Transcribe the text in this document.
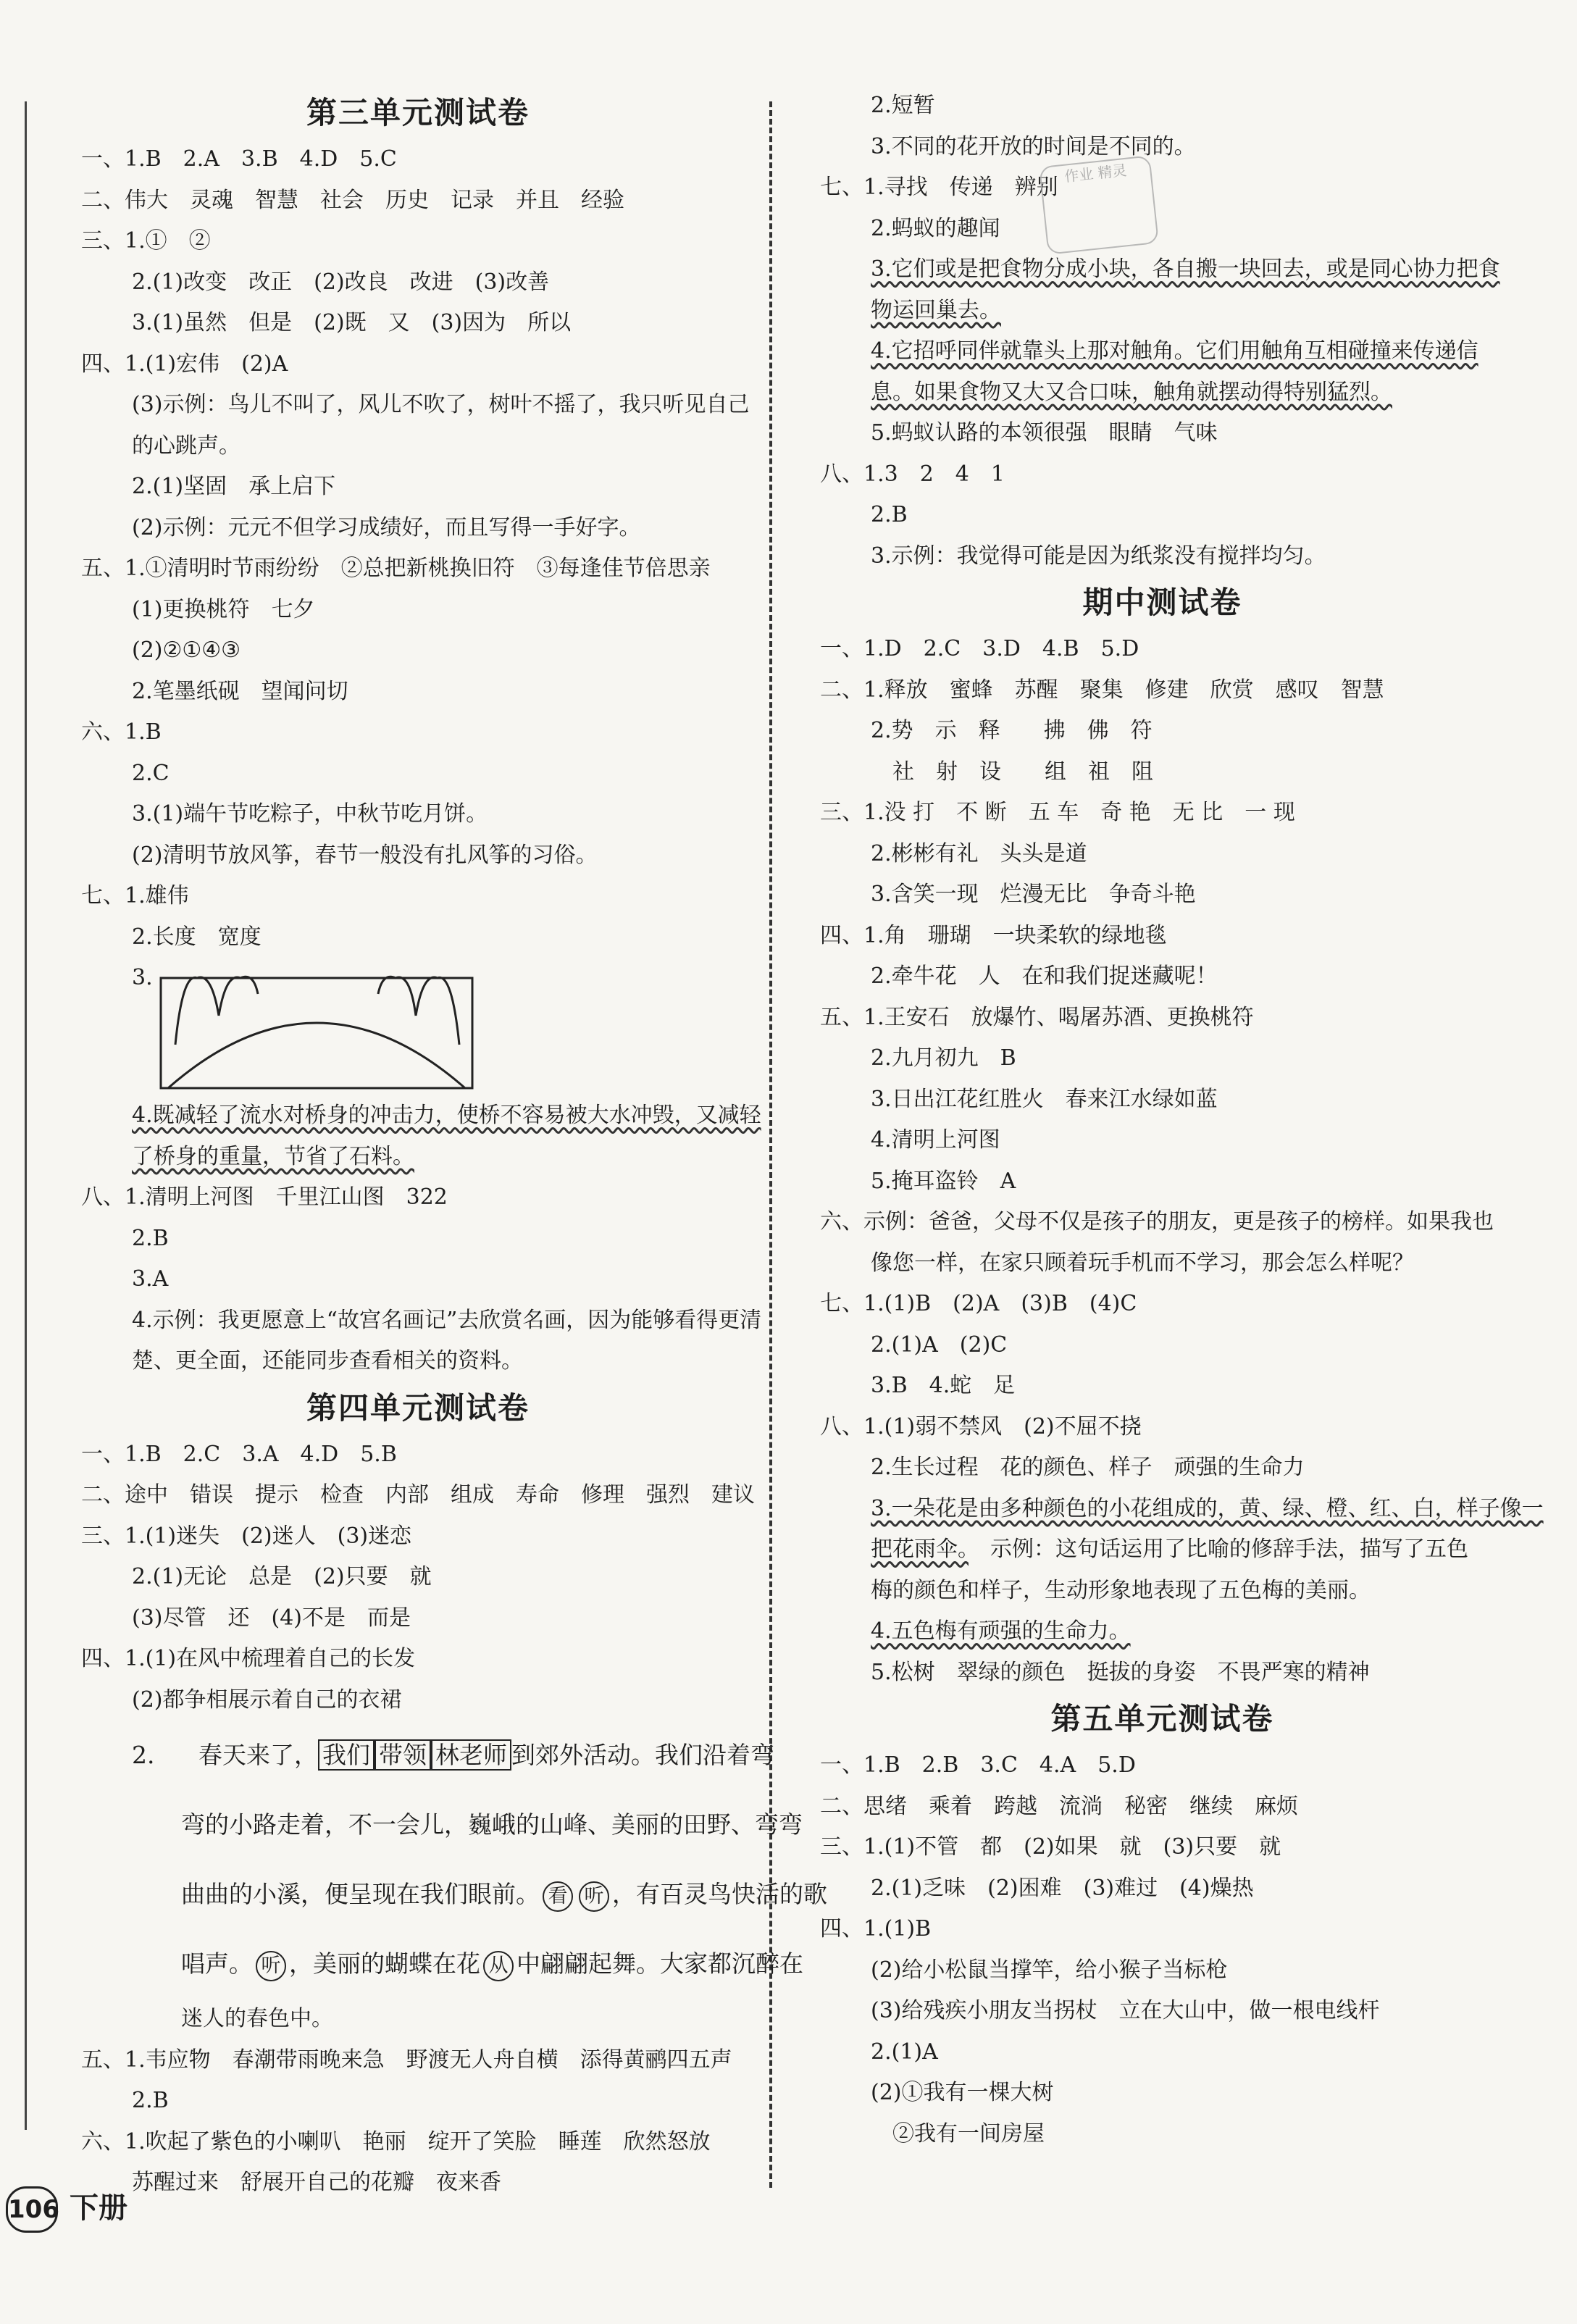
第三单元测试卷
一、1.B　2.A　3.B　4.D　5.C
二、伟大　灵魂　智慧　社会　历史　记录　并且　经验
三、1.①　②
2.(1)改变　改正　(2)改良　改进　(3)改善
3.(1)虽然　但是　(2)既　又　(3)因为　所以
四、1.(1)宏伟　(2)A
(3)示例：鸟儿不叫了，风儿不吹了，树叶不摇了，我只听见自己
的心跳声。
2.(1)坚固　承上启下
(2)示例：元元不但学习成绩好，而且写得一手好字。
五、1.①清明时节雨纷纷　②总把新桃换旧符　③每逢佳节倍思亲
(1)更换桃符　七夕
(2)②①④③
2.笔墨纸砚　望闻问切
六、1.B
2.C
3.(1)端午节吃粽子，中秋节吃月饼。
(2)清明节放风筝，春节一般没有扎风筝的习俗。
七、1.雄伟
2.长度　宽度
3.
4.既减轻了流水对桥身的冲击力，使桥不容易被大水冲毁，又减轻
了桥身的重量，节省了石料。
八、1.清明上河图　千里江山图　322
2.B
3.A
4.示例：我更愿意上“故宫名画记”去欣赏名画，因为能够看得更清
楚、更全面，还能同步查看相关的资料。
第四单元测试卷
一、1.B　2.C　3.A　4.D　5.B
二、途中　错误　提示　检查　内部　组成　寿命　修理　强烈　建议
三、1.(1)迷失　(2)迷人　(3)迷恋
2.(1)无论　总是　(2)只要　就
(3)尽管　还　(4)不是　而是
四、1.(1)在风中梳理着自己的长发
(2)都争相展示着自己的衣裙
2. 春天来了， 我们 带领 林老师 到郊外活动。我们沿着弯
弯的小路走着，不一会儿，巍峨的山峰、美丽的田野、弯弯
曲曲的小溪，便呈现在我们眼前。 看 听 ，有百灵鸟快活的歌
唱声。 听 ，美丽的蝴蝶在花 从 中翩翩起舞。大家都沉醉在
迷人的春色中。
五、1.韦应物　春潮带雨晚来急　野渡无人舟自横　添得黄鹂四五声
2.B
六、1.吹起了紫色的小喇叭　艳丽　绽开了笑脸　睡莲　欣然怒放
苏醒过来　舒展开自己的花瓣　夜来香
2.短暂
3.不同的花开放的时间是不同的。
七、1.寻找　传递　辨别
2.蚂蚁的趣闻
3.它们或是把食物分成小块，各自搬一块回去，或是同心协力把食
物运回巢去。
4.它招呼同伴就靠头上那对触角。它们用触角互相碰撞来传递信
息。如果食物又大又合口味，触角就摆动得特别猛烈。
5.蚂蚁认路的本领很强　眼睛　气味
八、1.3　2　4　1
2.B
3.示例：我觉得可能是因为纸浆没有搅拌均匀。
期中测试卷
一、1.D　2.C　3.D　4.B　5.D
二、1.释放　蜜蜂　苏醒　聚集　修建　欣赏　感叹　智慧
2.势　示　释　　拂　佛　符
社　射　设　　组　祖　阻
三、1.没 打　不 断　五 车　奇 艳　无 比　一 现
2.彬彬有礼　头头是道
3.含笑一现　烂漫无比　争奇斗艳
四、1.角　珊瑚　一块柔软的绿地毯
2.牵牛花　人　在和我们捉迷藏呢！
五、1.王安石　放爆竹、喝屠苏酒、更换桃符
2.九月初九　B
3.日出江花红胜火　春来江水绿如蓝
4.清明上河图
5.掩耳盗铃　A
六、示例：爸爸，父母不仅是孩子的朋友，更是孩子的榜样。如果我也
像您一样，在家只顾着玩手机而不学习，那会怎么样呢？
七、1.(1)B　(2)A　(3)B　(4)C
2.(1)A　(2)C
3.B　4.蛇　足
八、1.(1)弱不禁风　(2)不屈不挠
2.生长过程　花的颜色、样子　顽强的生命力
3.一朵花是由多种颜色的小花组成的，黄、绿、橙、红、白，样子像一
把花雨伞。　示例：这句话运用了比喻的修辞手法，描写了五色
梅的颜色和样子，生动形象地表现了五色梅的美丽。
4.五色梅有顽强的生命力。
5.松树　翠绿的颜色　挺拔的身姿　不畏严寒的精神
第五单元测试卷
一、1.B　2.B　3.C　4.A　5.D
二、思绪　乘着　跨越　流淌　秘密　继续　麻烦
三、1.(1)不管　都　(2)如果　就　(3)只要　就
2.(1)乏味　(2)困难　(3)难过　(4)燥热
四、1.(1)B
(2)给小松鼠当撑竿，给小猴子当标枪
(3)给残疾小朋友当拐杖　立在大山中，做一根电线杆
2.(1)A
(2)①我有一棵大树
②我有一间房屋
作业 精灵
106 下册
